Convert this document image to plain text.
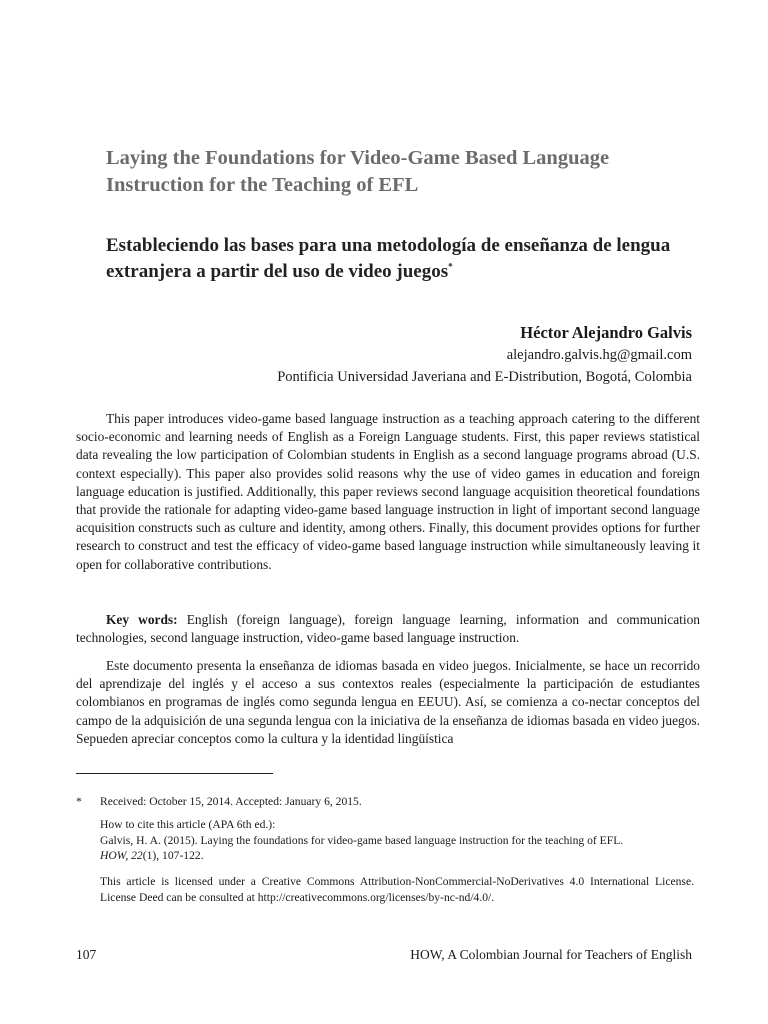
Laying the Foundations for Video-Game Based Language Instruction for the Teaching of EFL
Estableciendo las bases para una metodología de enseñanza de lengua extranjera a partir del uso de video juegos*
Héctor Alejandro Galvis
alejandro.galvis.hg@gmail.com
Pontificia Universidad Javeriana and E-Distribution, Bogotá, Colombia

This paper introduces video-game based language instruction as a teaching approach catering to the different socio-economic and learning needs of English as a Foreign Language students. First, this paper reviews statistical data revealing the low participation of Colombian students in English as a second language programs abroad (U.S. context especially). This paper also provides solid reasons why the use of video games in education and foreign language education is justified. Additionally, this paper reviews second language acquisition theoretical foundations that provide the rationale for adapting video-game based language instruction in light of important second language acquisition constructs such as culture and identity, among others. Finally, this document provides options for further research to construct and test the efficacy of video-game based language instruction while simultaneously leaving it open for collaborative contributions.

Key words: English (foreign language), foreign language learning, information and communication technologies, second language instruction, video-game based language instruction.

Este documento presenta la enseñanza de idiomas basada en video juegos. Inicialmente, se hace un recorrido del aprendizaje del inglés y el acceso a sus contextos reales (especialmente la participación de estudiantes colombianos en programas de inglés como segunda lengua en EEUU). Así, se comienza a co-nectar conceptos del campo de la adquisición de una segunda lengua con la iniciativa de la enseñanza de idiomas basada en video juegos. Sepueden apreciar conceptos como la cultura y la identidad lingüística

* Received: October 15, 2014. Accepted: January 6, 2015.

How to cite this article (APA 6th ed.):
Galvis, H. A. (2015). Laying the foundations for video-game based language instruction for the teaching of EFL.
HOW, 22(1), 107-122.

This article is licensed under a Creative Commons Attribution-NonCommercial-NoDerivatives 4.0 International License. License Deed can be consulted at http://creativecommons.org/licenses/by-nc-nd/4.0/.

107	HOW, A Colombian Journal for Teachers of English
